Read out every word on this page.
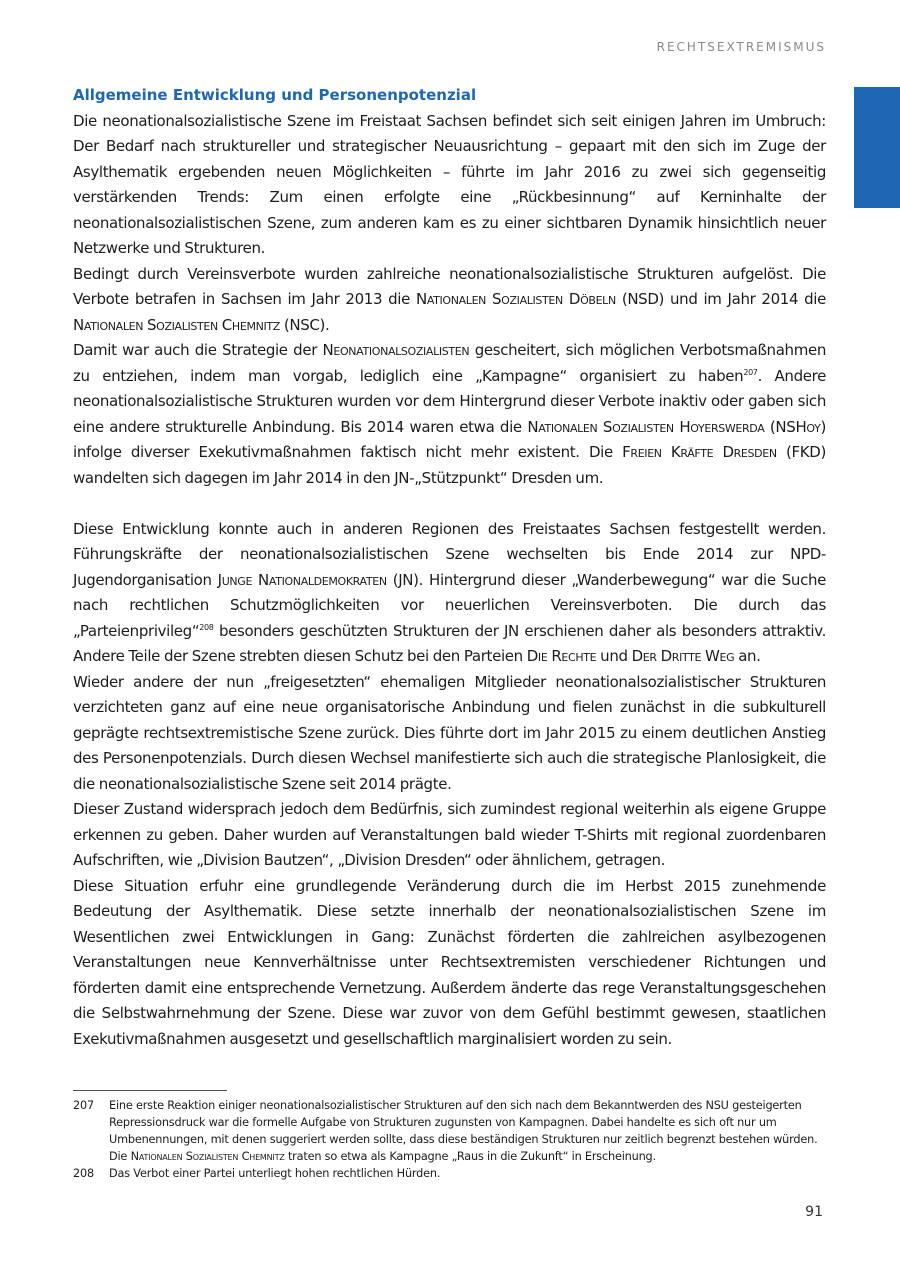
RECHTSEXTREMISMUS
Allgemeine Entwicklung und Personenpotenzial

Die neonationalsozialistische Szene im Freistaat Sachsen befindet sich seit einigen Jahren im Umbruch: Der Bedarf nach struktureller und strategischer Neuausrichtung – gepaart mit den sich im Zuge der Asylthematik ergebenden neuen Möglichkeiten – führte im Jahr 2016 zu zwei sich gegenseitig verstärkenden Trends: Zum einen erfolgte eine „Rückbesinnung“ auf Kerninhalte der neonationalsozialistischen Szene, zum anderen kam es zu einer sichtbaren Dynamik hinsichtlich neuer Netzwerke und Strukturen.

Bedingt durch Vereinsverbote wurden zahlreiche neonationalsozialistische Strukturen aufgelöst. Die Verbote betrafen in Sachsen im Jahr 2013 die Nationalen Sozialisten Döbeln (NSD) und im Jahr 2014 die Nationalen Sozialisten Chemnitz (NSC).

Damit war auch die Strategie der Neonationalsozialisten gescheitert, sich möglichen Verbotsmaßnahmen zu entziehen, indem man vorgab, lediglich eine „Kampagne“ organisiert zu haben$^{207}$. Andere neonationalsozialistische Strukturen wurden vor dem Hintergrund dieser Verbote inaktiv oder gaben sich eine andere strukturelle Anbindung. Bis 2014 waren etwa die Nationalen Sozialisten Hoyerswerda (NSHoy) infolge diverser Exekutivmaßnahmen faktisch nicht mehr existent. Die Freien Kräfte Dresden (FKD) wandelten sich dagegen im Jahr 2014 in den JN-„Stützpunkt“ Dresden um.

Diese Entwicklung konnte auch in anderen Regionen des Freistaates Sachsen festgestellt werden. Führungskräfte der neonationalsozialistischen Szene wechselten bis Ende 2014 zur NPD-Jugendorganisation Junge Nationaldemokraten (JN). Hintergrund dieser „Wanderbewegung“ war die Suche nach rechtlichen Schutzmöglichkeiten vor neuerlichen Vereinsverboten. Die durch das „Parteienprivileg“$^{208}$ besonders geschützten Strukturen der JN erschienen daher als besonders attraktiv. Andere Teile der Szene strebten diesen Schutz bei den Parteien Die Rechte und Der Dritte Weg an.

Wieder andere der nun „freigesetzten“ ehemaligen Mitglieder neonationalsozialistischer Strukturen verzichteten ganz auf eine neue organisatorische Anbindung und fielen zunächst in die subkulturell geprägte rechtsextremistische Szene zurück. Dies führte dort im Jahr 2015 zu einem deutlichen Anstieg des Personenpotenzials. Durch diesen Wechsel manifestierte sich auch die strategische Planlosigkeit, die die neonationalsozialistische Szene seit 2014 prägte.

Dieser Zustand widersprach jedoch dem Bedürfnis, sich zumindest regional weiterhin als eigene Gruppe erkennen zu geben. Daher wurden auf Veranstaltungen bald wieder T-Shirts mit regional zuordenbaren Aufschriften, wie „Division Bautzen“, „Division Dresden“ oder ähnlichem, getragen.

Diese Situation erfuhr eine grundlegende Veränderung durch die im Herbst 2015 zunehmende Bedeutung der Asylthematik. Diese setzte innerhalb der neonationalsozialistischen Szene im Wesentlichen zwei Entwicklungen in Gang: Zunächst förderten die zahlreichen asylbezogenen Veranstaltungen neue Kennverhältnisse unter Rechtsextremisten verschiedener Richtungen und förderten damit eine entsprechende Vernetzung. Außerdem änderte das rege Veranstaltungsgeschehen die Selbstwahrnehmung der Szene. Diese war zuvor von dem Gefühl bestimmt gewesen, staatlichen Exekutivmaßnahmen ausgesetzt und gesellschaftlich marginalisiert worden zu sein.

207	Eine erste Reaktion einiger neonationalsozialistischer Strukturen auf den sich nach dem Bekanntwerden des NSU gesteigerten Repressionsdruck war die formelle Aufgabe von Strukturen zugunsten von Kampagnen. Dabei handelte es sich oft nur um Umbenennungen, mit denen suggeriert werden sollte, dass diese beständigen Strukturen nur zeitlich begrenzt bestehen würden. Die Nationalen Sozialisten Chemnitz traten so etwa als Kampagne „Raus in die Zukunft“ in Erscheinung.
208	Das Verbot einer Partei unterliegt hohen rechtlichen Hürden.
91
